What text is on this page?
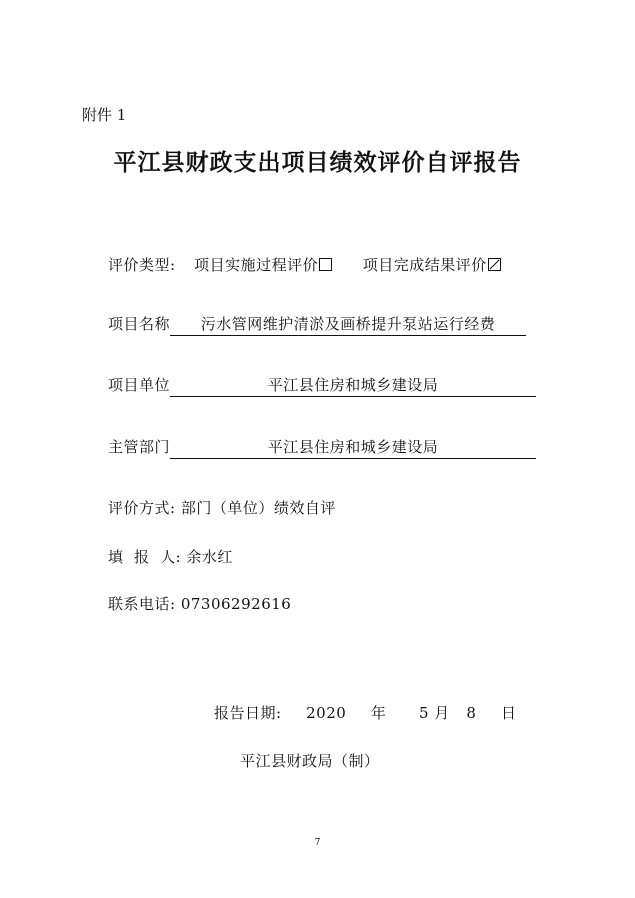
附件 1
平江县财政支出项目绩效评价自评报告
评价类型: 项目实施过程评价	项目完成结果评价
项目名称 污水管网维护清淤及画桥提升泵站运行经费
项目单位	平江县住房和城乡建设局
主管部门	平江县住房和城乡建设局
评价方式: 部门（单位）绩效自评
填  报  人: 余水红
联系电话: 07306292616
报告日期: 2020 年 5 月 8 日
平江县财政局（制）
7
